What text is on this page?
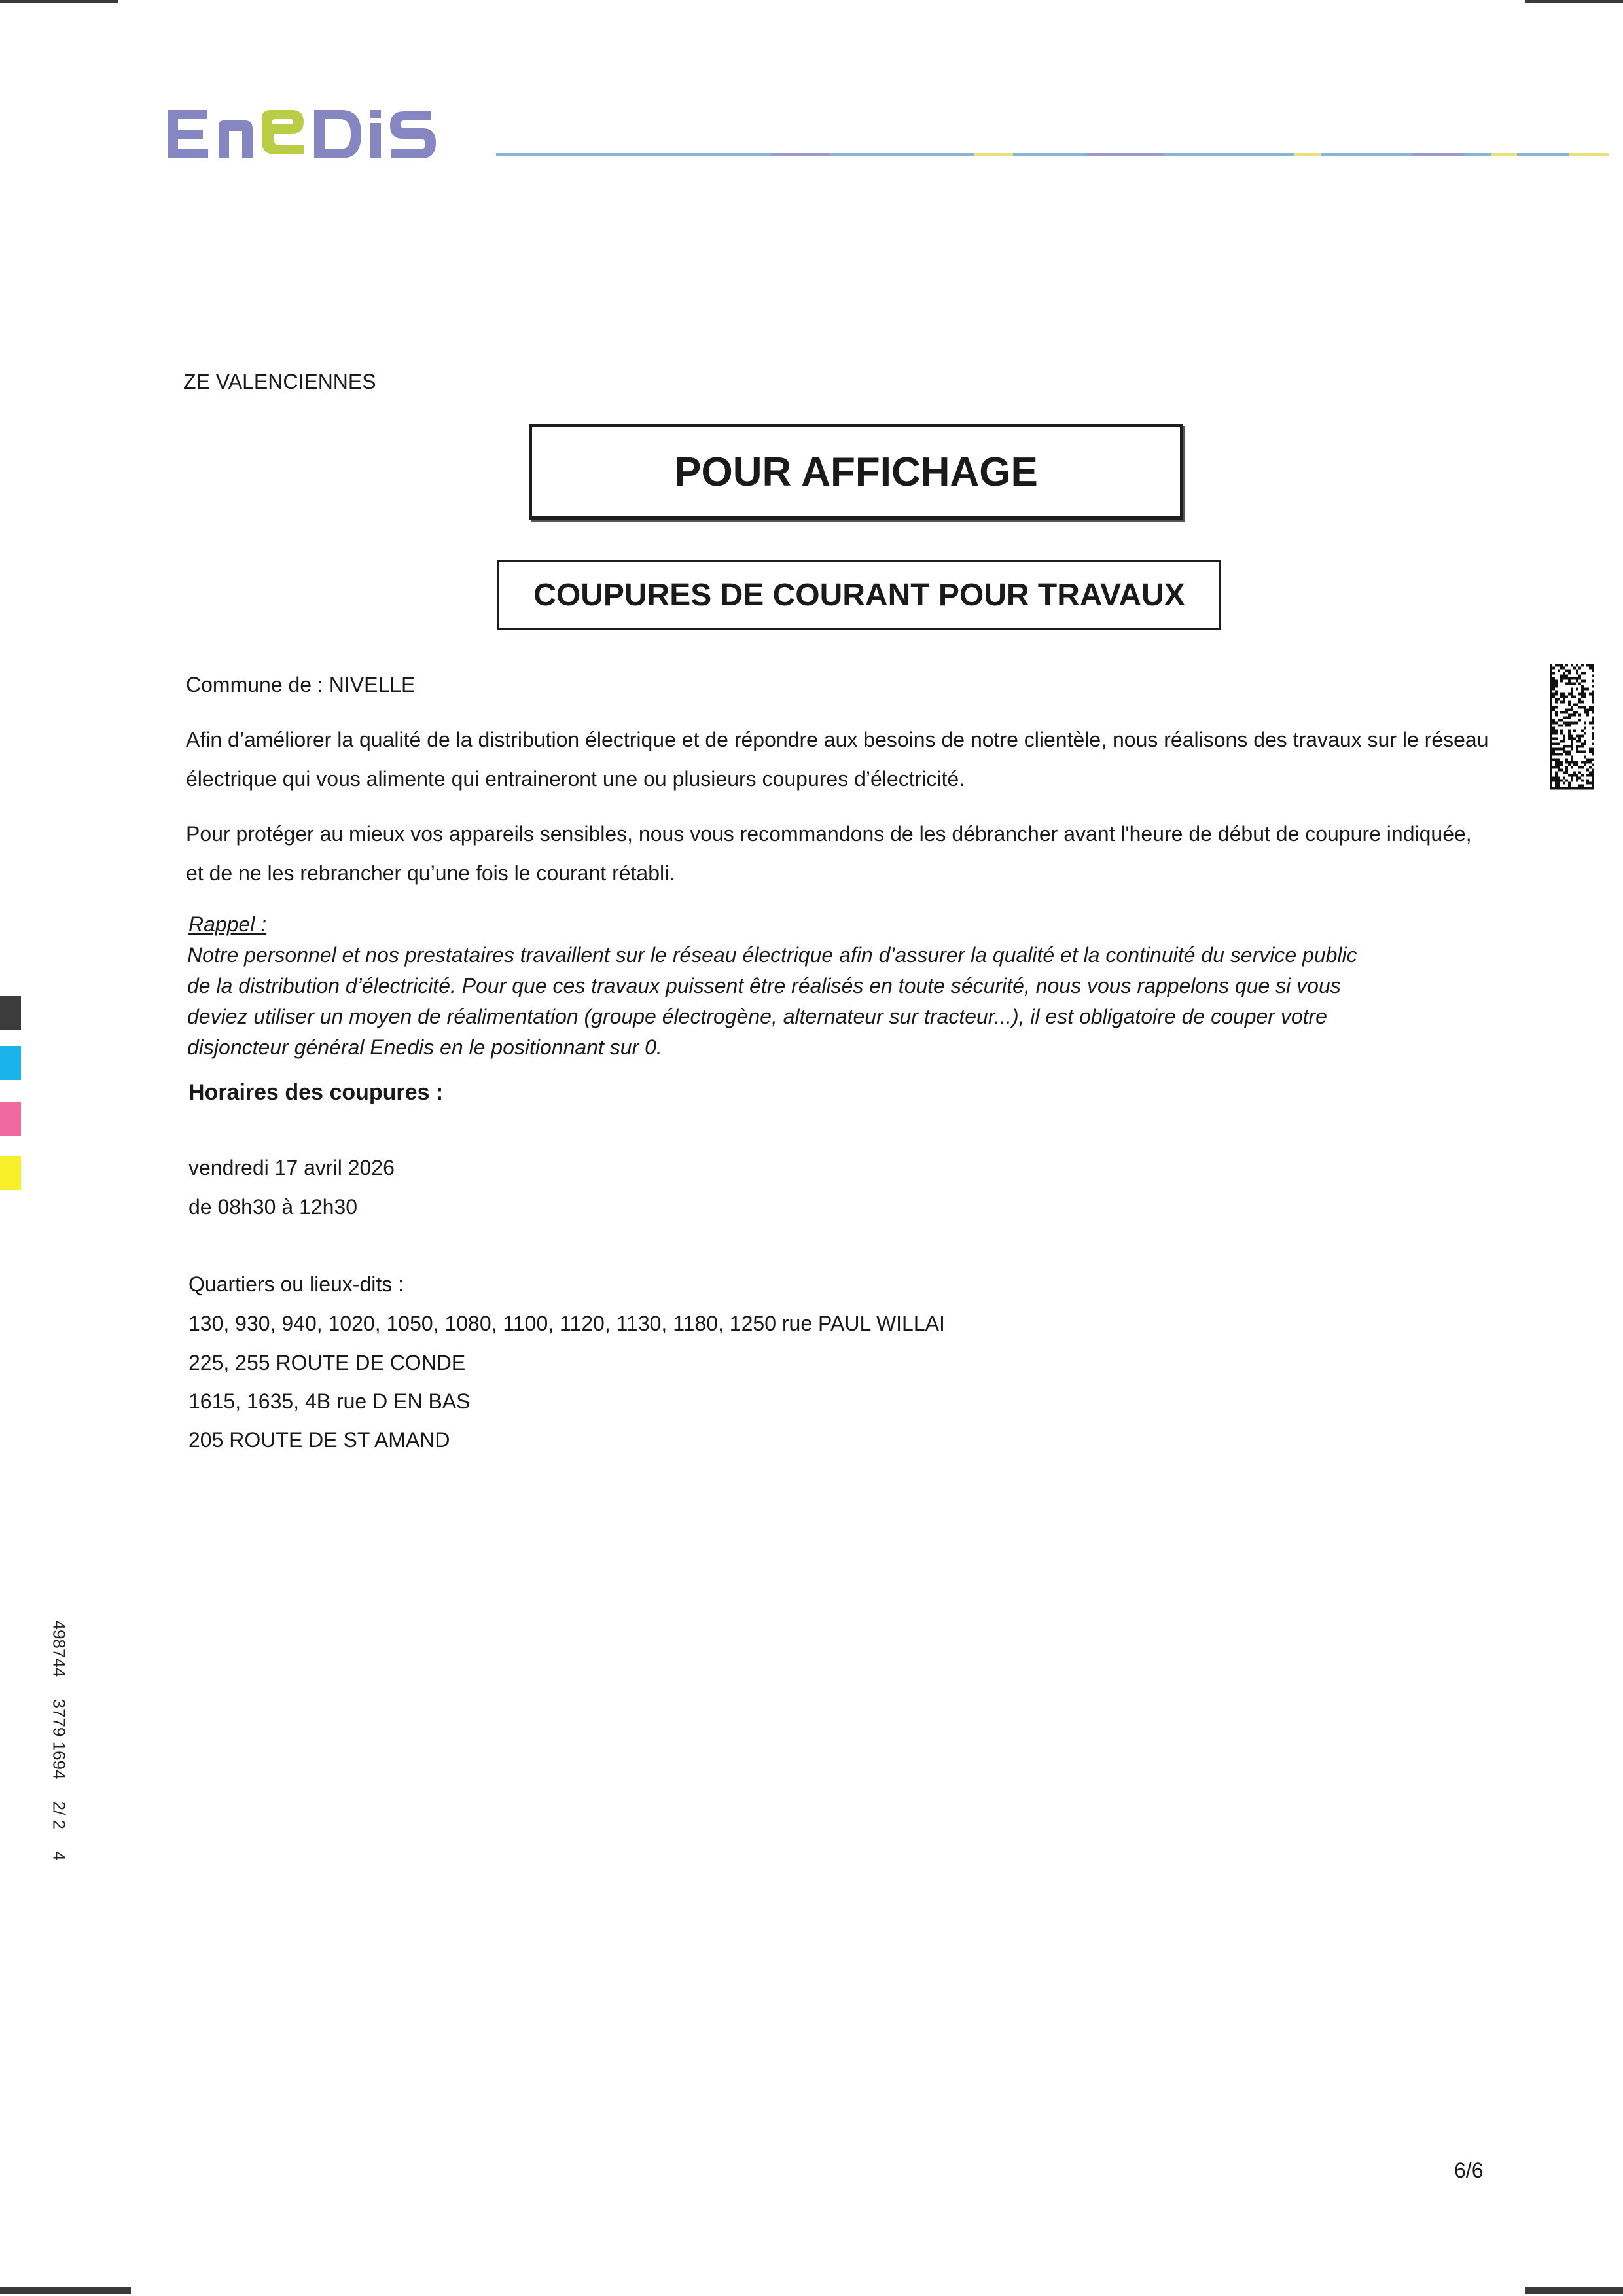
ZE VALENCIENNES

POUR AFFICHAGE
COUPURES DE COURANT POUR TRAVAUX

Commune de : NIVELLE

Afin d’améliorer la qualité de la distribution électrique et de répondre aux besoins de notre clientèle, nous réalisons des travaux sur le réseau électrique qui vous alimente qui entraineront une ou plusieurs coupures d’électricité.

Pour protéger au mieux vos appareils sensibles, nous vous recommandons de les débrancher avant l'heure de début de coupure indiquée, et de ne les rebrancher qu’une fois le courant rétabli.

Rappel :

Notre personnel et nos prestataires travaillent sur le réseau électrique afin d’assurer la qualité et la continuité du service public
de la distribution d’électricité. Pour que ces travaux puissent être réalisés en toute sécurité, nous vous rappelons que si vous
deviez utiliser un moyen de réalimentation (groupe électrogène, alternateur sur tracteur...), il est obligatoire de couper votre
disjoncteur général Enedis en le positionnant sur 0.

Horaires des coupures :

vendredi 17 avril 2026

de 08h30 à 12h30

Quartiers ou lieux-dits :

130, 930, 940, 1020, 1050, 1080, 1100, 1120, 1130, 1180, 1250 rue PAUL WILLAI

225, 255 ROUTE DE CONDE

1615, 1635, 4B rue D EN BAS

205 ROUTE DE ST AMAND

498744 3779 1694 2/ 2 4

6/6
